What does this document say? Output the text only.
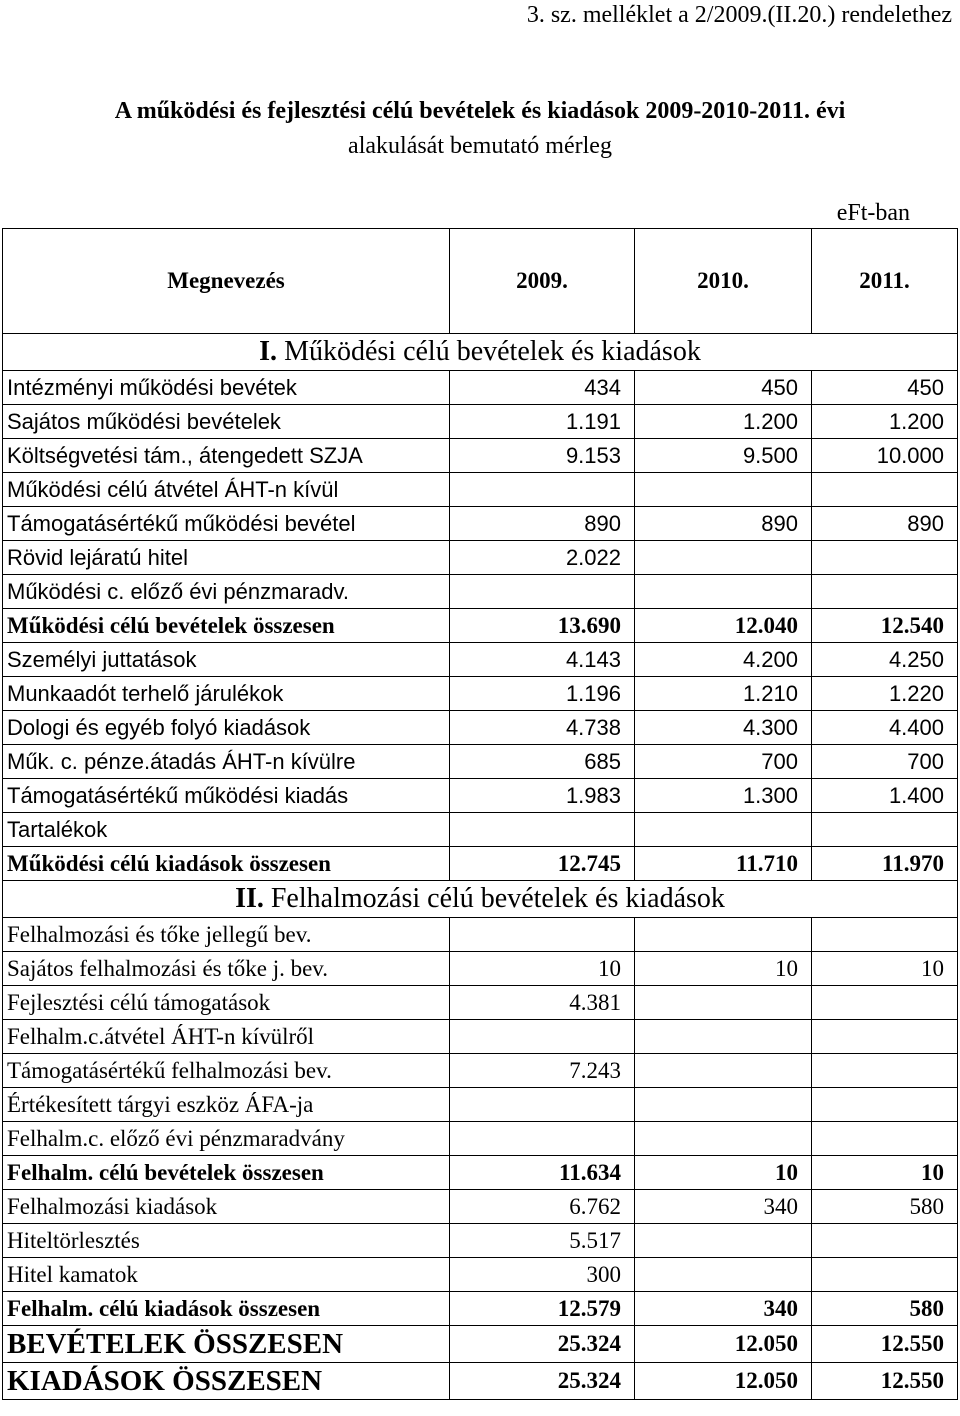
3. sz. melléklet a 2/2009.(II.20.) rendelethez
A működési és fejlesztési célú bevételek és kiadások 2009-2010-2011. évi
alakulását bemutató mérleg
eFt-ban
Megnevezés	2009.	2010.	2011.
I. Működési célú bevételek és kiadások			
Intézményi működési bevétek	434	450	450
Sajátos működési bevételek	1.191	1.200	1.200
Költségvetési tám., átengedett SZJA	9.153	9.500	10.000
Működési célú átvétel ÁHT-n kívül			
Támogatásértékű működési bevétel	890	890	890
Rövid lejáratú hitel	2.022		
Működési c. előző évi pénzmaradv.			
Működési célú bevételek összesen	13.690	12.040	12.540
Személyi juttatások	4.143	4.200	4.250
Munkaadót terhelő járulékok	1.196	1.210	1.220
Dologi és egyéb folyó kiadások	4.738	4.300	4.400
Műk. c. pénze.átadás ÁHT-n kívülre	685	700	700
Támogatásértékű működési kiadás	1.983	1.300	1.400
Tartalékok			
Működési célú kiadások összesen	12.745	11.710	11.970
II. Felhalmozási célú bevételek és kiadások			
Felhalmozási és tőke jellegű bev.			
Sajátos felhalmozási és tőke j. bev.	10	10	10
Fejlesztési célú támogatások	4.381		
Felhalm.c.átvétel ÁHT-n kívülről			
Támogatásértékű felhalmozási bev.	7.243		
Értékesített tárgyi eszköz ÁFA-ja			
Felhalm.c. előző évi pénzmaradvány			
Felhalm. célú bevételek összesen	11.634	10	10
Felhalmozási kiadások	6.762	340	580
Hiteltörlesztés	5.517		
Hitel kamatok	300		
Felhalm. célú kiadások összesen	12.579	340	580
BEVÉTELEK ÖSSZESEN	25.324	12.050	12.550
KIADÁSOK ÖSSZESEN	25.324	12.050	12.550
